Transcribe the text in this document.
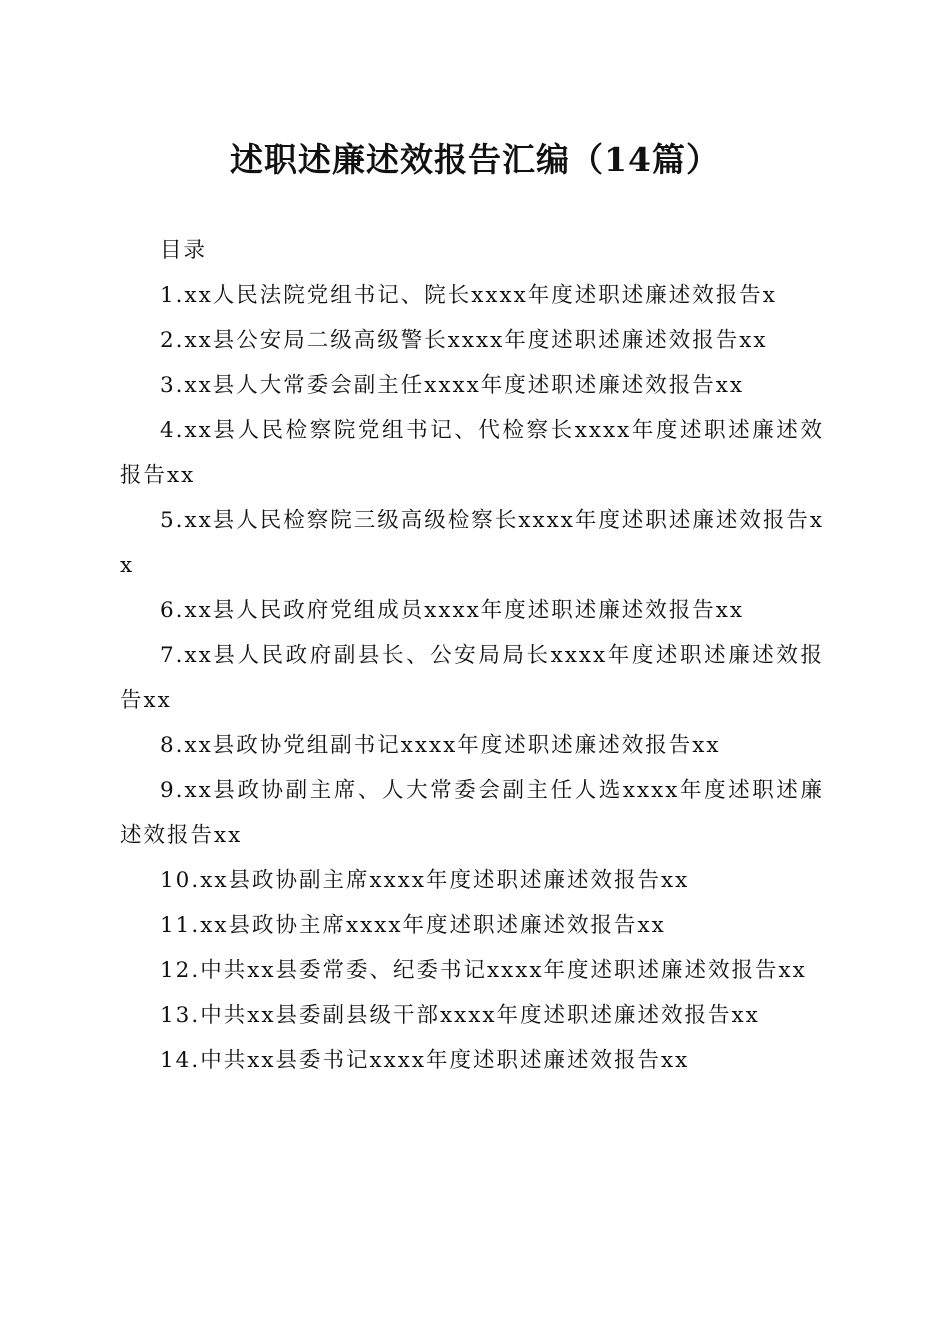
述职述廉述效报告汇编（14篇）
目录
1.xx人民法院党组书记、院长xxxx年度述职述廉述效报告x
2.xx县公安局二级高级警长xxxx年度述职述廉述效报告xx
3.xx县人大常委会副主任xxxx年度述职述廉述效报告xx
4.xx县人民检察院党组书记、代检察长xxxx年度述职述廉述效报告xx
5.xx县人民检察院三级高级检察长xxxx年度述职述廉述效报告xx
6.xx县人民政府党组成员xxxx年度述职述廉述效报告xx
7.xx县人民政府副县长、公安局局长xxxx年度述职述廉述效报告xx
8.xx县政协党组副书记xxxx年度述职述廉述效报告xx
9.xx县政协副主席、人大常委会副主任人选xxxx年度述职述廉述效报告xx
10.xx县政协副主席xxxx年度述职述廉述效报告xx
11.xx县政协主席xxxx年度述职述廉述效报告xx
12.中共xx县委常委、纪委书记xxxx年度述职述廉述效报告xx
13.中共xx县委副县级干部xxxx年度述职述廉述效报告xx
14.中共xx县委书记xxxx年度述职述廉述效报告xx
